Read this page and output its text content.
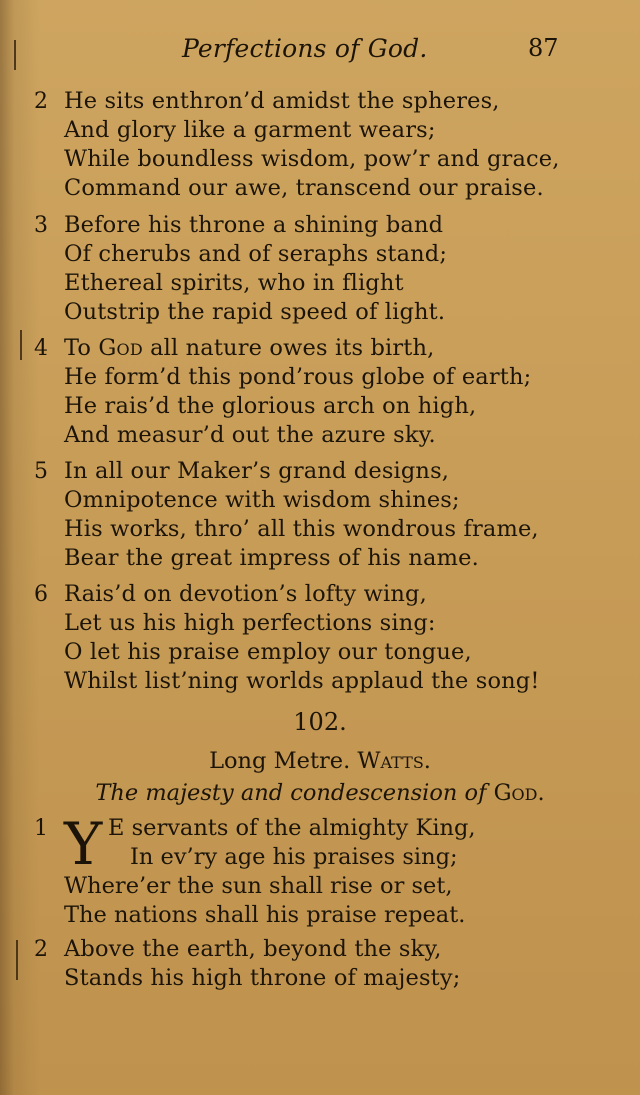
Perfections of God.	87
2 He sits enthron’d amidst the spheres,
And glory like a garment wears;
While boundless wisdom, pow’r and grace,
Command our awe, transcend our praise.
3 Before his throne a shining band
Of cherubs and of seraphs stand;
Ethereal spirits, who in flight
Outstrip the rapid speed of light.
4 To God all nature owes its birth,
He form’d this pond’rous globe of earth;
He rais’d the glorious arch on high,
And measur’d out the azure sky.
5 In all our Maker’s grand designs,
Omnipotence with wisdom shines;
His works, thro’ all this wondrous frame,
Bear the great impress of his name.
6 Rais’d on devotion’s lofty wing,
Let us his high perfections sing:
O let his praise employ our tongue,
Whilst list’ning worlds applaud the song!
102.
Long Metre. Watts.
The majesty and condescension of God.
1 Y E servants of the almighty King,
In ev’ry age his praises sing;
Where’er the sun shall rise or set,
The nations shall his praise repeat.
2 Above the earth, beyond the sky,
Stands his high throne of majesty;
